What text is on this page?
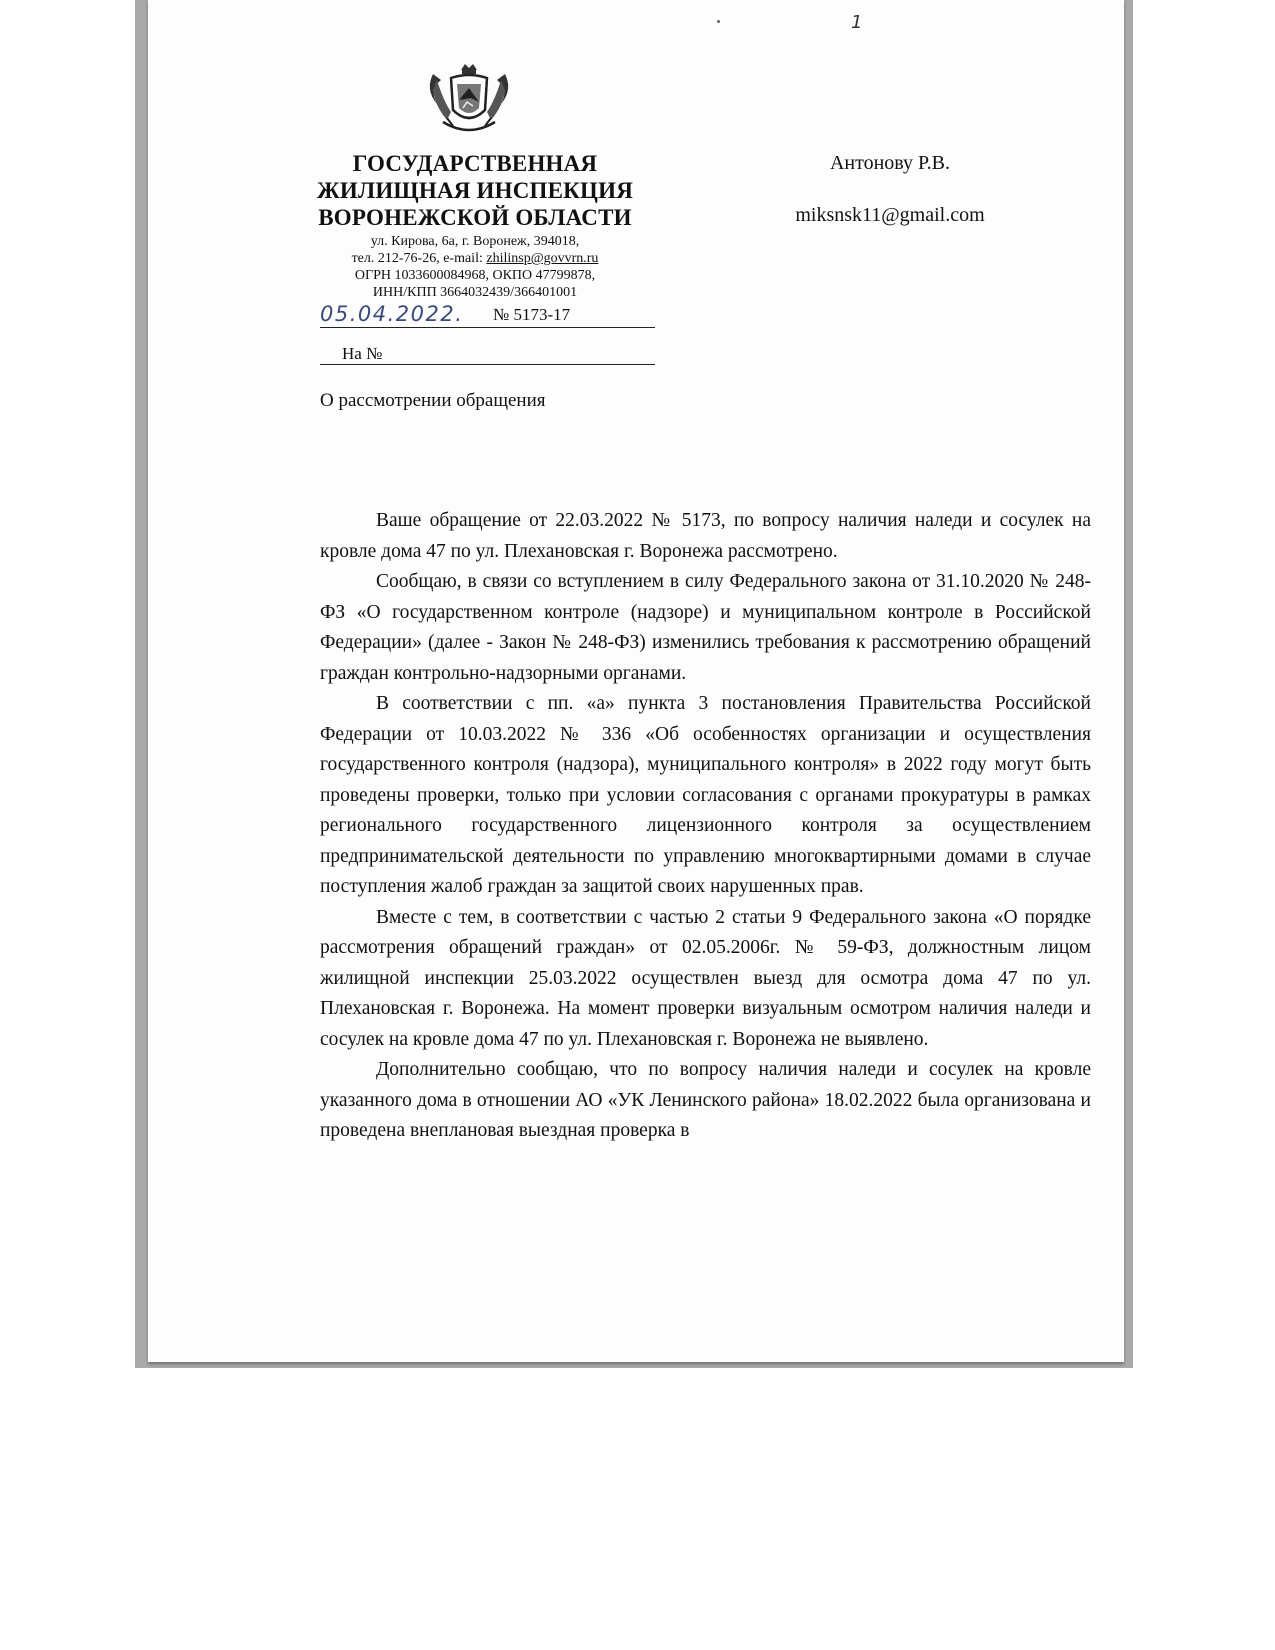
1
ГОСУДАРСТВЕННАЯ
ЖИЛИЩНАЯ ИНСПЕКЦИЯ
ВОРОНЕЖСКОЙ ОБЛАСТИ
ул. Кирова, 6а, г. Воронеж, 394018,
тел. 212-76-26, e-mail: zhilinsp@govvrn.ru
ОГРН 1033600084968, ОКПО 47799878,
ИНН/КПП 3664032439/366401001
05.04.2022. № 5173-17
На №
О рассмотрении обращения
Антонову Р.В.
miksnsk11@gmail.com

Ваше обращение от 22.03.2022 № 5173, по вопросу наличия наледи и сосулек на кровле дома 47 по ул. Плехановская г. Воронежа рассмотрено.

Сообщаю, в связи со вступлением в силу Федерального закона от 31.10.2020 № 248-ФЗ «О государственном контроле (надзоре) и муниципальном контроле в Российской Федерации» (далее - Закон № 248-ФЗ) изменились требования к рассмотрению обращений граждан контрольно-надзорными органами.

В соответствии с пп. «а» пункта 3 постановления Правительства Российской Федерации от 10.03.2022 № 336 «Об особенностях организации и осуществления государственного контроля (надзора), муниципального контроля» в 2022 году могут быть проведены проверки, только при условии согласования с органами прокуратуры в рамках регионального государственного лицензионного контроля за осуществлением предпринимательской деятельности по управлению многоквартирными домами в случае поступления жалоб граждан за защитой своих нарушенных прав.

Вместе с тем, в соответствии с частью 2 статьи 9 Федерального закона «О порядке рассмотрения обращений граждан» от 02.05.2006г. № 59-ФЗ, должностным лицом жилищной инспекции 25.03.2022 осуществлен выезд для осмотра дома 47 по ул. Плехановская г. Воронежа. На момент проверки визуальным осмотром наличия наледи и сосулек на кровле дома 47 по ул. Плехановская г. Воронежа не выявлено.

Дополнительно сообщаю, что по вопросу наличия наледи и сосулек на кровле указанного дома в отношении АО «УК Ленинского района» 18.02.2022 была организована и проведена внеплановая выездная проверка в
